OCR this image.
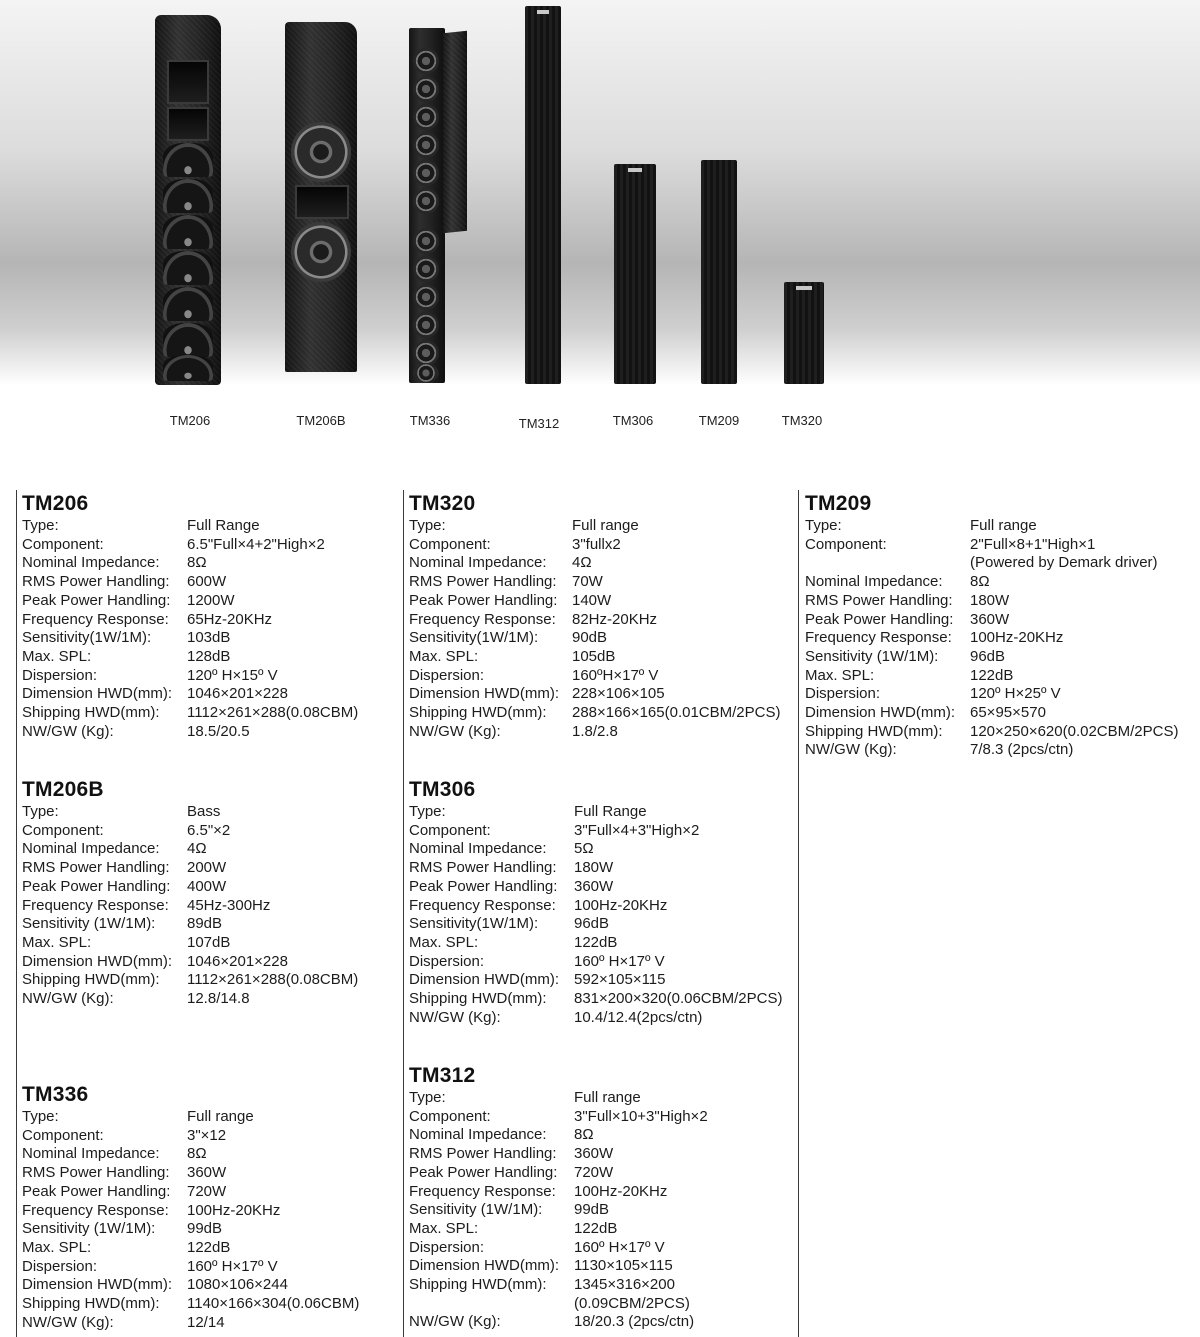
TM206	TM206B	TM336	TM312	TM306	TM209	TM320
TM206
Type:	Full Range
Component:	6.5"Full×4+2"High×2
Nominal Impedance:	8Ω
RMS Power Handling:	600W
Peak Power Handling:	1200W
Frequency Response:	65Hz-20KHz
Sensitivity(1W/1M):	103dB
Max. SPL:	128dB
Dispersion:	120º H×15º V
Dimension HWD(mm):	1046×201×228
Shipping HWD(mm):	1112×261×288(0.08CBM)
NW/GW (Kg):	18.5/20.5
TM206B
Type:	Bass
Component:	6.5"×2
Nominal Impedance:	4Ω
RMS Power Handling:	200W
Peak Power Handling:	400W
Frequency Response:	45Hz-300Hz
Sensitivity (1W/1M):	89dB
Max. SPL:	107dB
Dimension HWD(mm):	1046×201×228
Shipping HWD(mm):	1112×261×288(0.08CBM)
NW/GW (Kg):	12.8/14.8
TM336
Type:	Full range
Component:	3"×12
Nominal Impedance:	8Ω
RMS Power Handling:	360W
Peak Power Handling:	720W
Frequency Response:	100Hz-20KHz
Sensitivity (1W/1M):	99dB
Max. SPL:	122dB
Dispersion:	160º H×17º V
Dimension HWD(mm):	1080×106×244
Shipping HWD(mm):	1140×166×304(0.06CBM)
NW/GW (Kg):	12/14
TM320
Type:	Full range
Component:	3"fullx2
Nominal Impedance:	4Ω
RMS Power Handling:	70W
Peak Power Handling: 140W
Frequency Response:	82Hz-20KHz
Sensitivity(1W/1M):	90dB
Max. SPL:	105dB
Dispersion:	160ºH×17º V
Dimension HWD(mm): 228×106×105
Shipping HWD(mm):	288×166×165(0.01CBM/2PCS)
NW/GW (Kg):	1.8/2.8
TM306
Type:	Full Range
Component:	3"Full×4+3"High×2
Nominal Impedance:	5Ω
RMS Power Handling:	180W
Peak Power Handling:	360W
Frequency Response:	100Hz-20KHz
Sensitivity(1W/1M):	96dB
Max. SPL:	122dB
Dispersion:	160º H×17º V
Dimension HWD(mm):	592×105×115
Shipping HWD(mm):	831×200×320(0.06CBM/2PCS)
NW/GW (Kg):	10.4/12.4(2pcs/ctn)
TM312
Type:	Full range
Component:	3"Full×10+3"High×2
Nominal Impedance:	8Ω
RMS Power Handling:	360W
Peak Power Handling:	720W
Frequency Response:	100Hz-20KHz
Sensitivity (1W/1M):	99dB
Max. SPL:	122dB
Dispersion:	160º H×17º V
Dimension HWD(mm):	1130×105×115
Shipping HWD(mm):	1345×316×200
(0.09CBM/2PCS)
NW/GW (Kg):	18/20.3 (2pcs/ctn)
TM209
Type:	Full range
Component:	2"Full×8+1"High×1
(Powered by Demark driver)
Nominal Impedance:	8Ω
RMS Power Handling:	180W
Peak Power Handling:	360W
Frequency Response:	100Hz-20KHz
Sensitivity (1W/1M):	96dB
Max. SPL:	122dB
Dispersion:	120º H×25º V
Dimension HWD(mm):	65×95×570
Shipping HWD(mm):	120×250×620(0.02CBM/2PCS)
NW/GW (Kg):	7/8.3 (2pcs/ctn)
